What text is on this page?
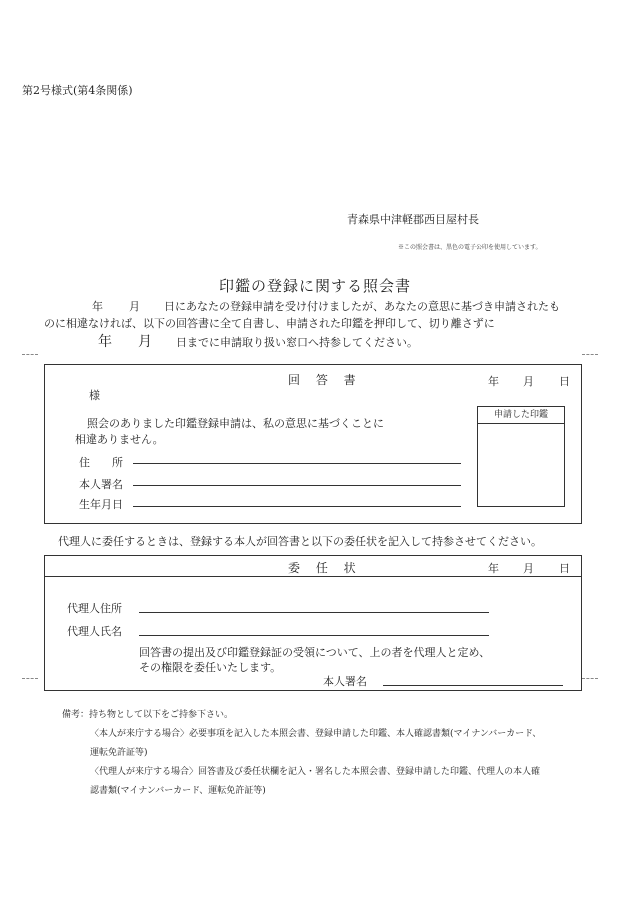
第2号様式(第4条関係)
青森県中津軽郡西目屋村長
※この照会書は、黒色の電子公印を使用しています。
印鑑の登録に関する照会書
年 月 日にあなたの登録申請を受け付けましたが、あなたの意思に基づき申請されたも
のに相違なければ、以下の回答書に全て自書し、申請された印鑑を押印して、切り離さずに
年 月 日までに申請取り扱い窓口へ持参してください。
回 答 書	年 月 日
様
照会のありました印鑑登録申請は、私の意思に基づくことに
相違ありません。
住　　所
本人署名
生年月日
申請した印鑑
代理人に委任するときは、登録する本人が回答書と以下の委任状を記入して持参させてください。
委 任 状	年 月 日
代理人住所
代理人氏名
回答書の提出及び印鑑登録証の受領について、上の者を代理人と定め、
その権限を委任いたします。
本人署名
備考：持ち物として以下をご持参下さい。
〈本人が来庁する場合〉必要事項を記入した本照会書、登録申請した印鑑、本人確認書類(マイナンバーカード、
運転免許証等)
〈代理人が来庁する場合〉回答書及び委任状欄を記入・署名した本照会書、登録申請した印鑑、代理人の本人確
認書類(マイナンバーカード、運転免許証等)
